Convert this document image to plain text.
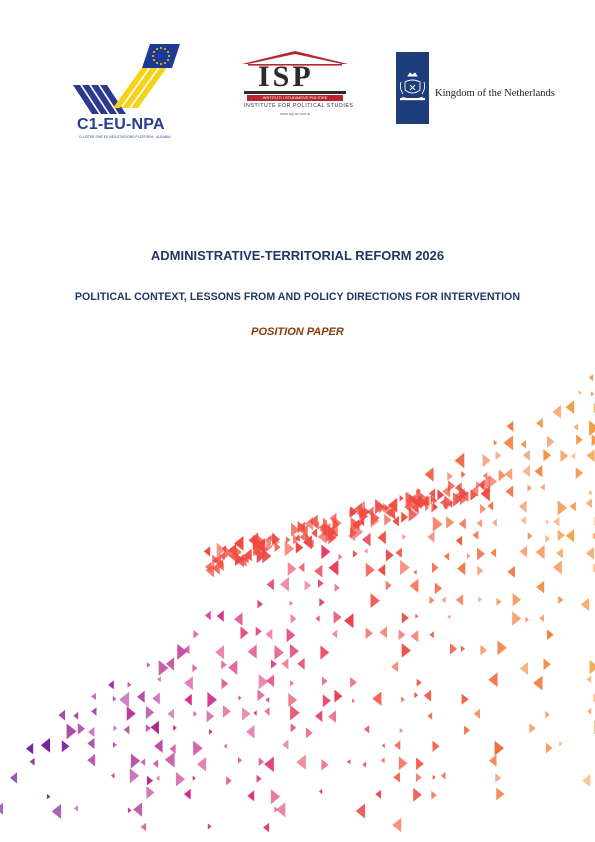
C1-EU-NPA
CLUSTER ONE EU NEGOTIATIONS PLATFORM - ALBANIA
ISP
INSTITUTI I STUDIMEVE POLITIKE
INSTITUTE FOR POLITICAL STUDIES
www.isp-al.com.al
Kingdom of the Netherlands
ADMINISTRATIVE-TERRITORIAL REFORM 2026
POLITICAL CONTEXT, LESSONS FROM AND POLICY DIRECTIONS FOR INTERVENTION
POSITION PAPER
